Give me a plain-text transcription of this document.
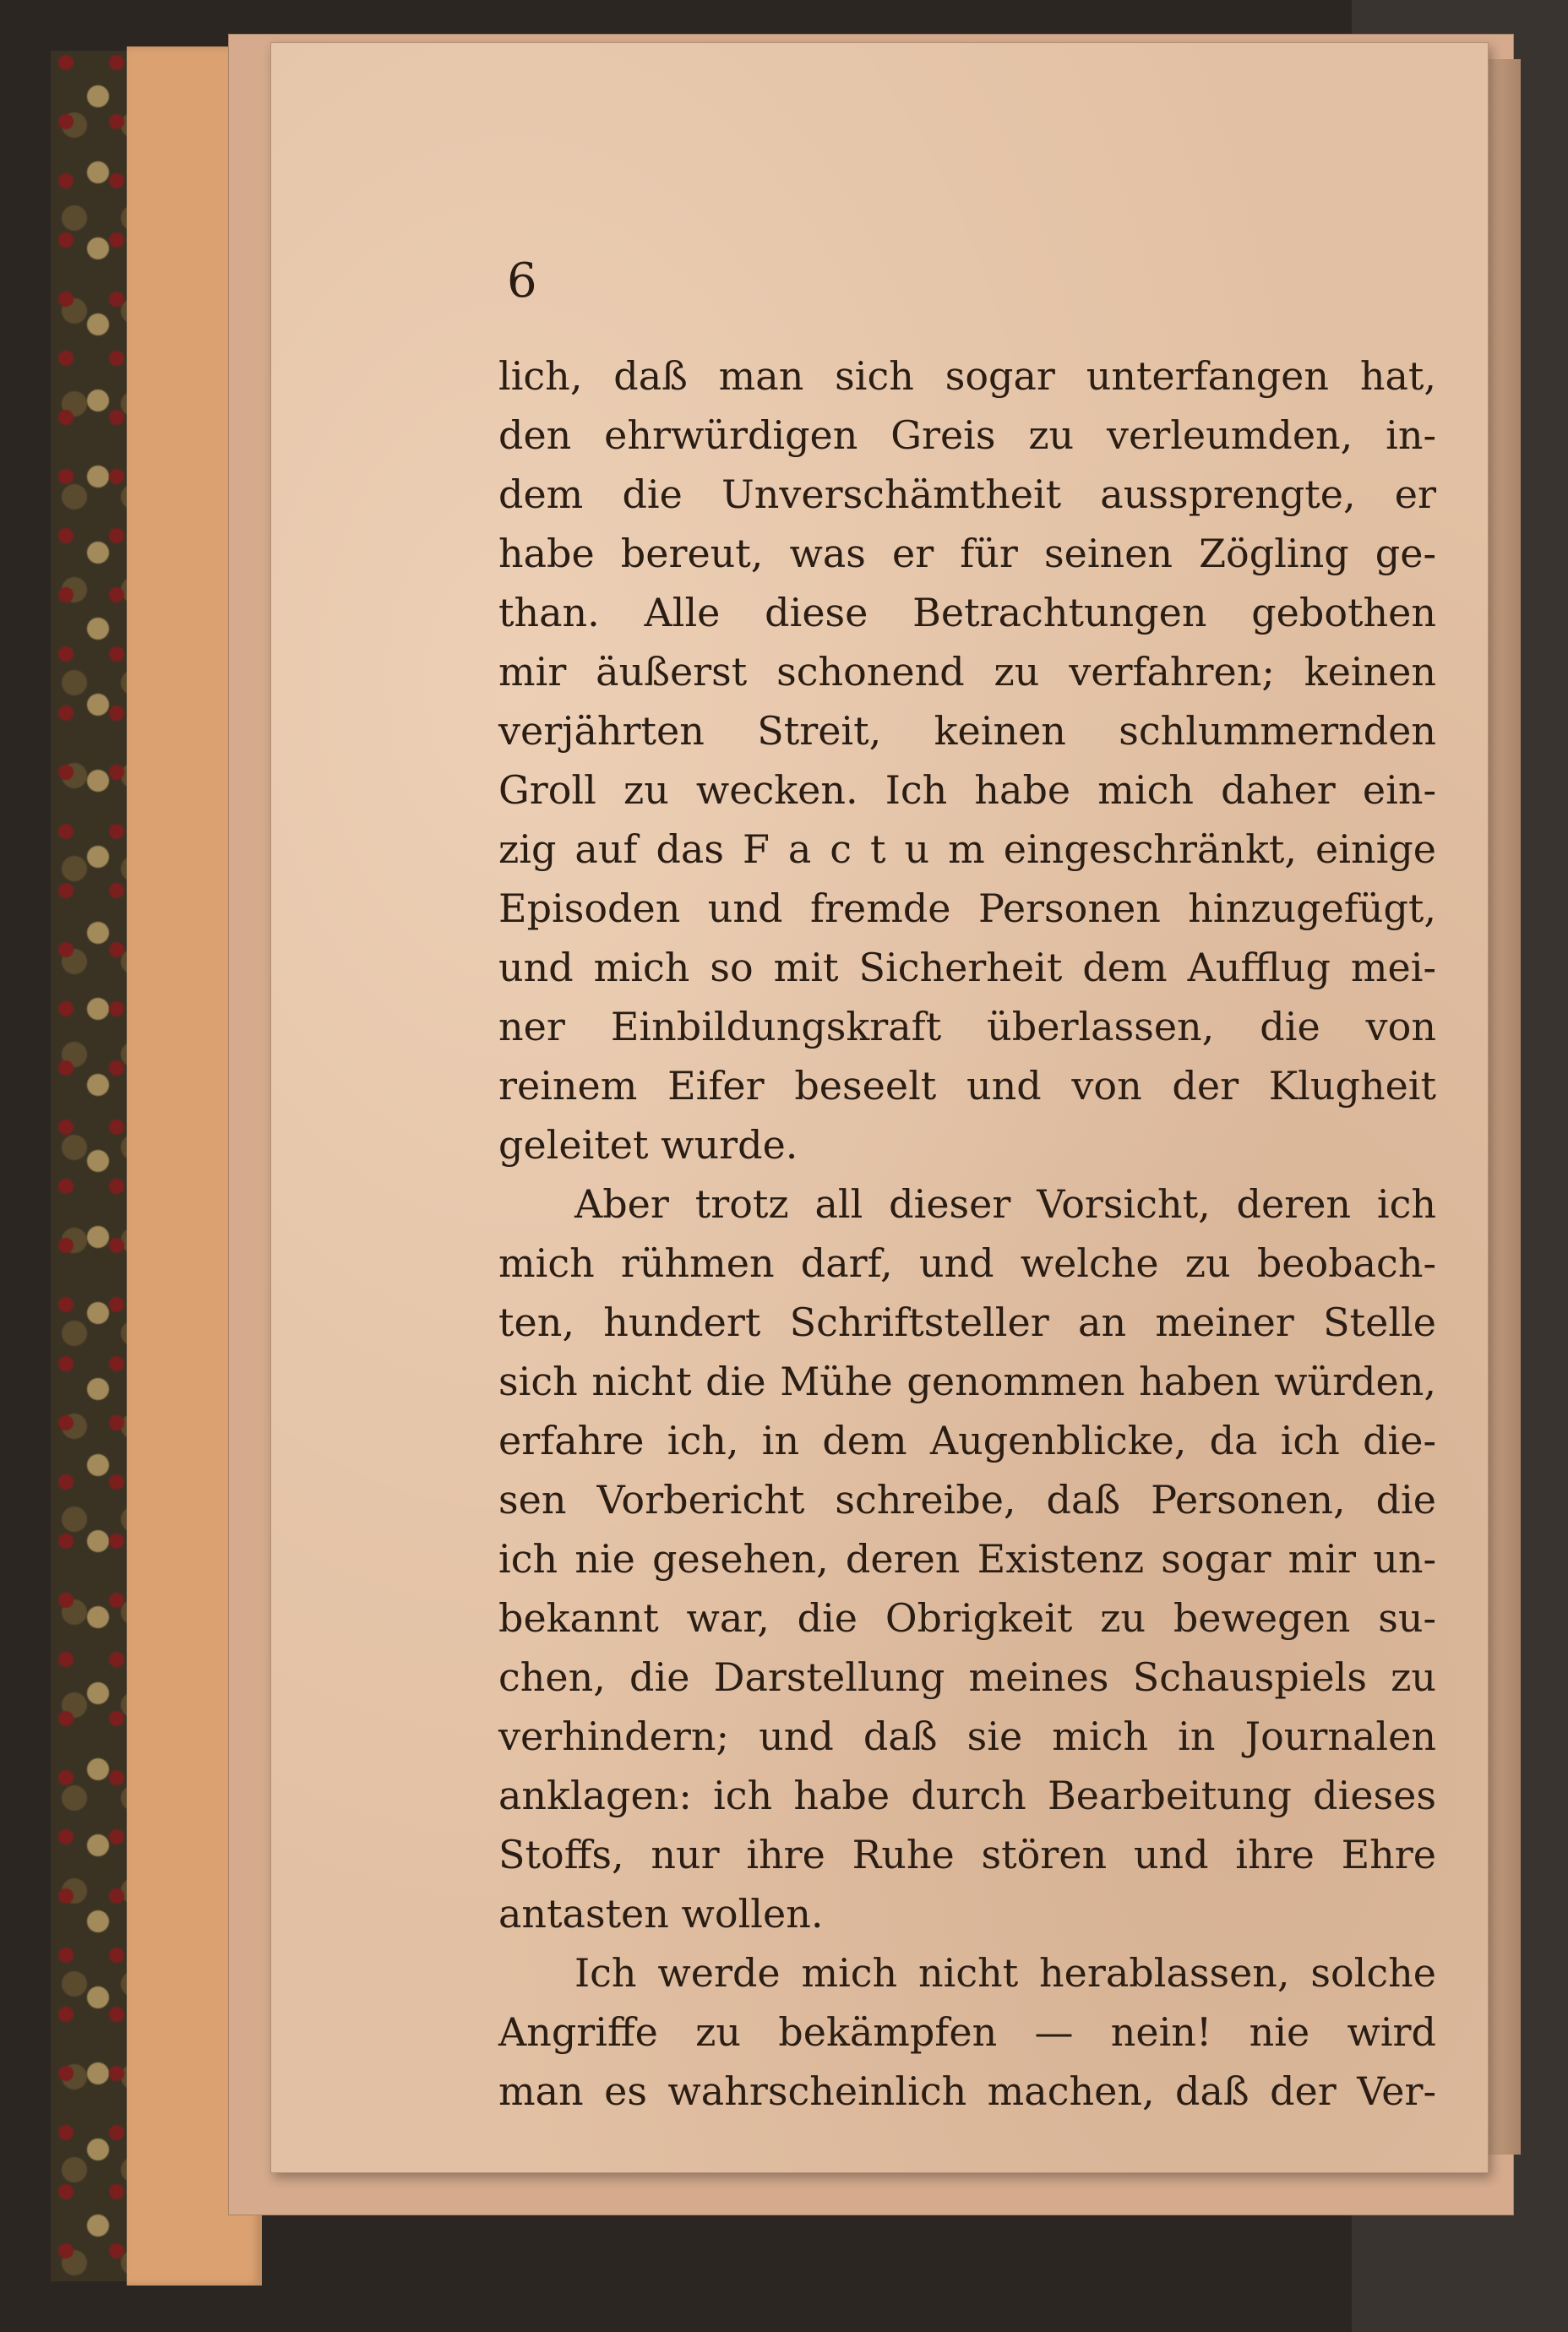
6
lich, daß man sich sogar unterfangen hat,
den ehrwürdigen Greis zu verleumden, in-
dem die Unverschämtheit aussprengte, er
habe bereut, was er für seinen Zögling ge-
than. Alle diese Betrachtungen gebothen
mir äußerst schonend zu verfahren; keinen
verjährten Streit, keinen schlummernden
Groll zu wecken. Ich habe mich daher ein-
zig auf das F a c t u m eingeschränkt, einige
Episoden und fremde Personen hinzugefügt,
und mich so mit Sicherheit dem Aufflug mei-
ner Einbildungskraft überlassen, die von
reinem Eifer beseelt und von der Klugheit
geleitet wurde.
Aber trotz all dieser Vorsicht, deren ich
mich rühmen darf, und welche zu beobach-
ten, hundert Schriftsteller an meiner Stelle
sich nicht die Mühe genommen haben würden,
erfahre ich, in dem Augenblicke, da ich die-
sen Vorbericht schreibe, daß Personen, die
ich nie gesehen, deren Existenz sogar mir un-
bekannt war, die Obrigkeit zu bewegen su-
chen, die Darstellung meines Schauspiels zu
verhindern; und daß sie mich in Journalen
anklagen: ich habe durch Bearbeitung dieses
Stoffs, nur ihre Ruhe stören und ihre Ehre
antasten wollen.
Ich werde mich nicht herablassen, solche
Angriffe zu bekämpfen — nein! nie wird
man es wahrscheinlich machen, daß der Ver-
